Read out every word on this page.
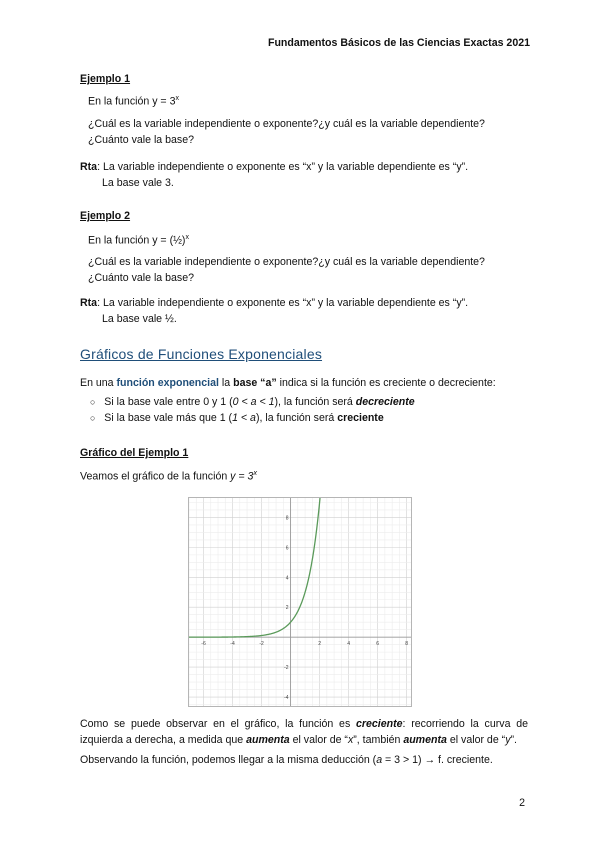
Fundamentos Básicos de las Ciencias Exactas 2021
Ejemplo 1
En la función $y = 3^x$
¿Cuál es la variable independiente o exponente?¿y cuál es la variable dependiente?
¿Cuánto vale la base?
Rta: La variable independiente o exponente es “x” y la variable dependiente es “y”.
La base vale 3.
Ejemplo 2
En la función y = (½)$^x$
¿Cuál es la variable independiente o exponente?¿y cuál es la variable dependiente?
¿Cuánto vale la base?
Rta: La variable independiente o exponente es “x” y la variable dependiente es “y”.
La base vale ½.
Gráficos de Funciones Exponenciales
En una función exponencial la base “a” indica si la función es creciente o decreciente:
○ Si la base vale entre 0 y 1 (0 < a < 1), la función será decreciente
○ Si la base vale más que 1 (1 < a), la función será creciente
Gráfico del Ejemplo 1
Veamos el gráfico de la función $y = 3^x$
-6	-4	-2	2	4	6	8
-4
-2
2
4
6
8
Como se puede observar en el gráfico, la función es creciente: recorriendo la curva de izquierda a derecha, a medida que aumenta el valor de “x”, también aumenta el valor de “y”.
Observando la función, podemos llegar a la misma deducción (a = 3 > 1) → f. creciente.
2
